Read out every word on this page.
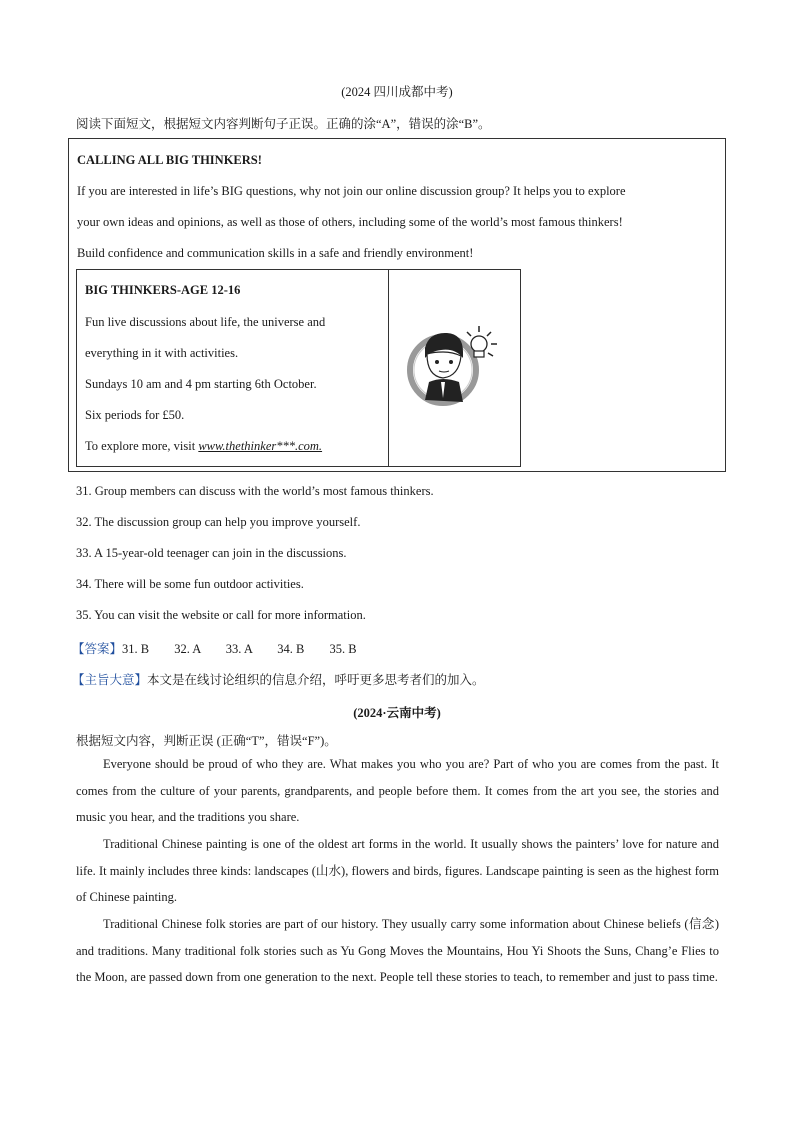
(2024 四川成都中考)
阅读下面短文，根据短文内容判断句子正误。正确的涂“A”，错误的涂“B”。
CALLING ALL BIG THINKERS!
If you are interested in life’s BIG questions, why not join our online discussion group? It helps you to explore
your own ideas and opinions, as well as those of others, including some of the world’s most famous thinkers!
Build confidence and communication skills in a safe and friendly environment!
BIG THINKERS-AGE 12-16
Fun live discussions about life, the universe and
everything in it with activities.
Sundays 10 am and 4 pm starting 6th October.
Six periods for £50.
To explore more, visit www.thethinker***.com.
31. Group members can discuss with the world’s most famous thinkers.
32. The discussion group can help you improve yourself.
33. A 15-year-old teenager can join in the discussions.
34. There will be some fun outdoor activities.
35. You can visit the website or call for more information.
【答案】31. B 32. A 33. A 34. B 35. B
【主旨大意】本文是在线讨论组织的信息介绍，呼吁更多思考者们的加入。
(2024·云南中考)
根据短文内容，判断正误 (正确“T”，错误“F”)。
Everyone should be proud of who they are. What makes you who you are? Part of who you are comes from the past. It comes from the culture of your parents, grandparents, and people before them. It comes from the art you see, the stories and music you hear, and the traditions you share.
Traditional Chinese painting is one of the oldest art forms in the world. It usually shows the painters’ love for nature and life. It mainly includes three kinds: landscapes (山水), flowers and birds, figures. Landscape painting is seen as the highest form of Chinese painting.
Traditional Chinese folk stories are part of our history. They usually carry some information about Chinese beliefs (信念) and traditions. Many traditional folk stories such as Yu Gong Moves the Mountains, Hou Yi Shoots the Suns, Chang’e Flies to the Moon, are passed down from one generation to the next. People tell these stories to teach, to remember and just to pass time.
